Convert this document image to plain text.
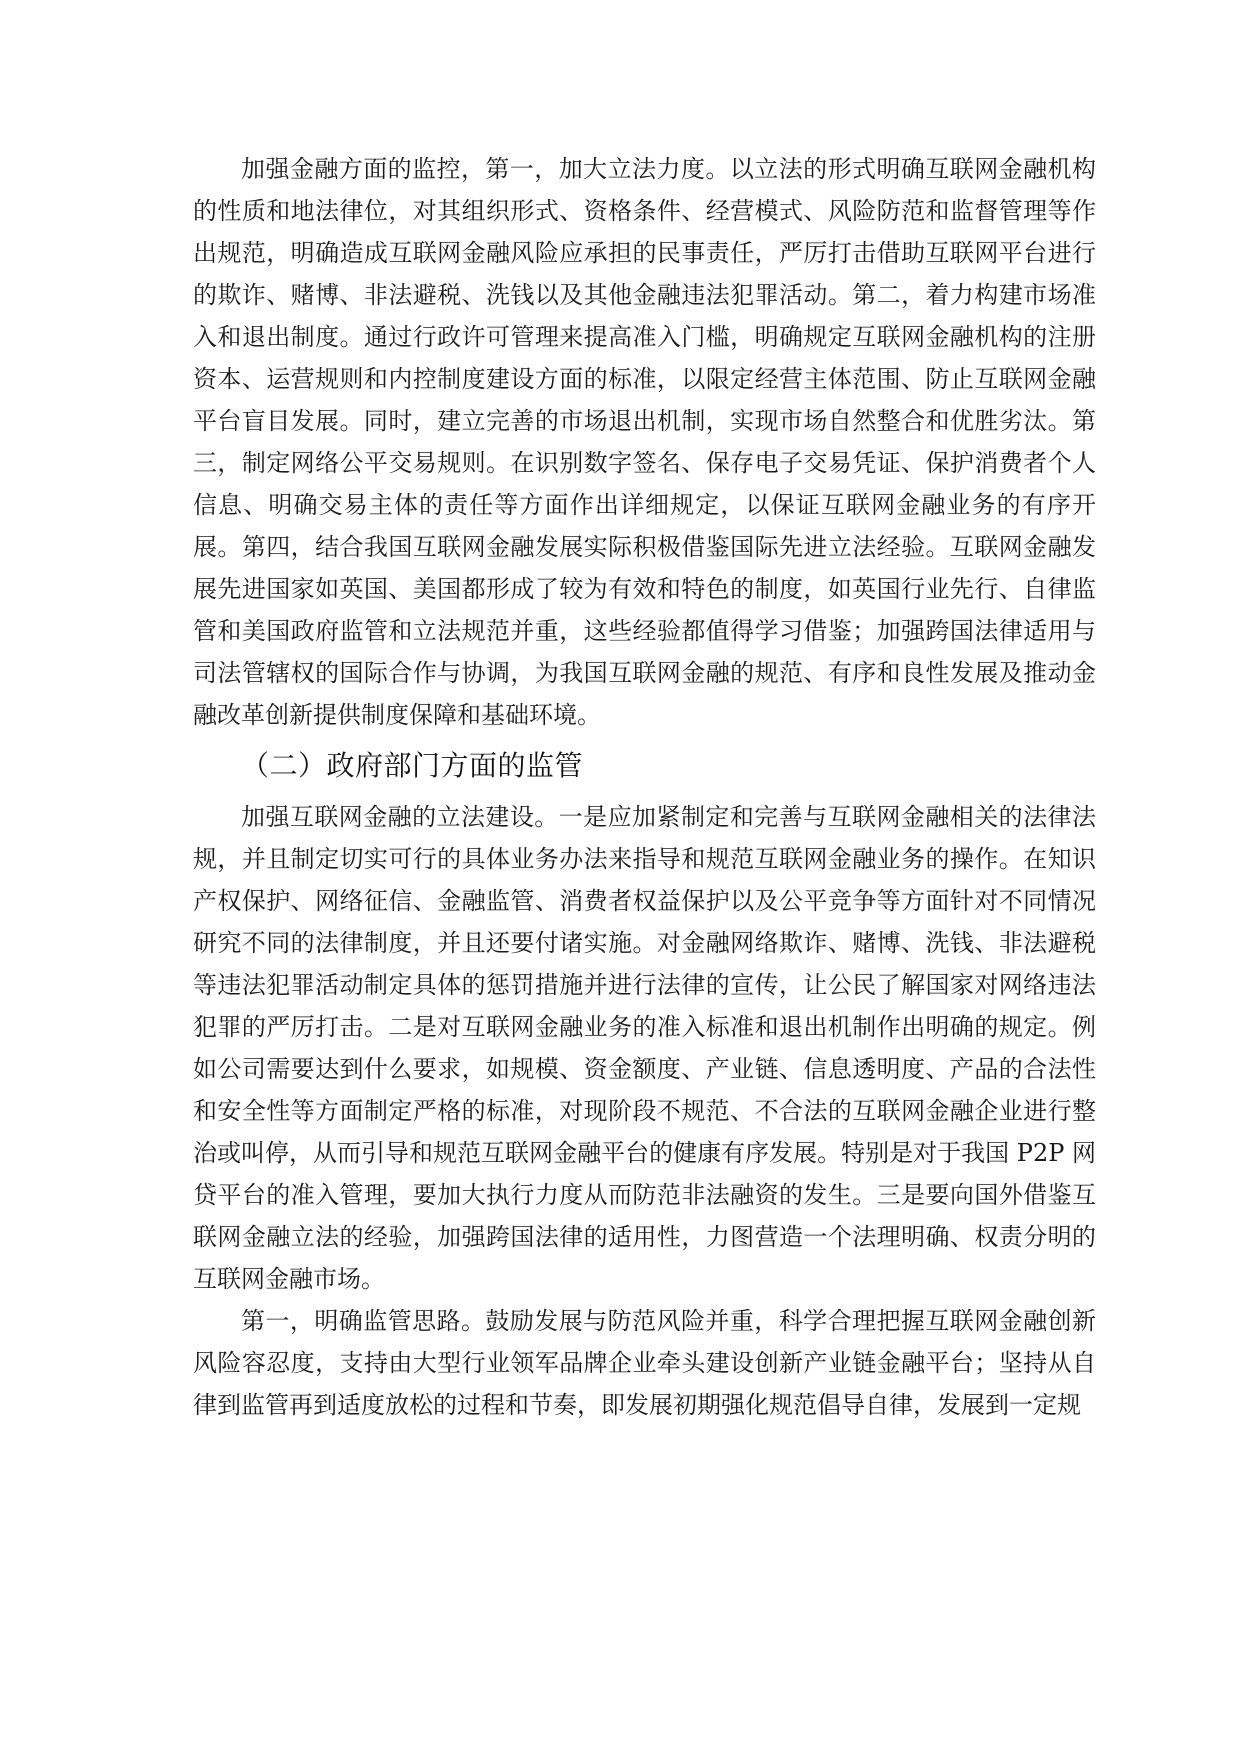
加强金融方面的监控，第一，加大立法力度。以立法的形式明确互联网金融机构的性质和地法律位，对其组织形式、资格条件、经营模式、风险防范和监督管理等作出规范，明确造成互联网金融风险应承担的民事责任，严厉打击借助互联网平台进行的欺诈、赌博、非法避税、洗钱以及其他金融违法犯罪活动。第二，着力构建市场准入和退出制度。通过行政许可管理来提高准入门槛，明确规定互联网金融机构的注册资本、运营规则和内控制度建设方面的标准，以限定经营主体范围、防止互联网金融平台盲目发展。同时，建立完善的市场退出机制，实现市场自然整合和优胜劣汰。第三，制定网络公平交易规则。在识别数字签名、保存电子交易凭证、保护消费者个人信息、明确交易主体的责任等方面作出详细规定，以保证互联网金融业务的有序开展。第四，结合我国互联网金融发展实际积极借鉴国际先进立法经验。互联网金融发展先进国家如英国、美国都形成了较为有效和特色的制度，如英国行业先行、自律监管和美国政府监管和立法规范并重，这些经验都值得学习借鉴；加强跨国法律适用与司法管辖权的国际合作与协调，为我国互联网金融的规范、有序和良性发展及推动金融改革创新提供制度保障和基础环境。

（二）政府部门方面的监管

加强互联网金融的立法建设。一是应加紧制定和完善与互联网金融相关的法律法规，并且制定切实可行的具体业务办法来指导和规范互联网金融业务的操作。在知识产权保护、网络征信、金融监管、消费者权益保护以及公平竞争等方面针对不同情况研究不同的法律制度，并且还要付诸实施。对金融网络欺诈、赌博、洗钱、非法避税等违法犯罪活动制定具体的惩罚措施并进行法律的宣传，让公民了解国家对网络违法犯罪的严厉打击。二是对互联网金融业务的准入标准和退出机制作出明确的规定。例如公司需要达到什么要求，如规模、资金额度、产业链、信息透明度、产品的合法性和安全性等方面制定严格的标准，对现阶段不规范、不合法的互联网金融企业进行整治或叫停，从而引导和规范互联网金融平台的健康有序发展。特别是对于我国 P2P 网贷平台的准入管理，要加大执行力度从而防范非法融资的发生。三是要向国外借鉴互联网金融立法的经验，加强跨国法律的适用性，力图营造一个法理明确、权责分明的互联网金融市场。

第一，明确监管思路。鼓励发展与防范风险并重，科学合理把握互联网金融创新风险容忍度，支持由大型行业领军品牌企业牵头建设创新产业链金融平台；坚持从自律到监管再到适度放松的过程和节奏，即发展初期强化规范倡导自律，发展到一定规
